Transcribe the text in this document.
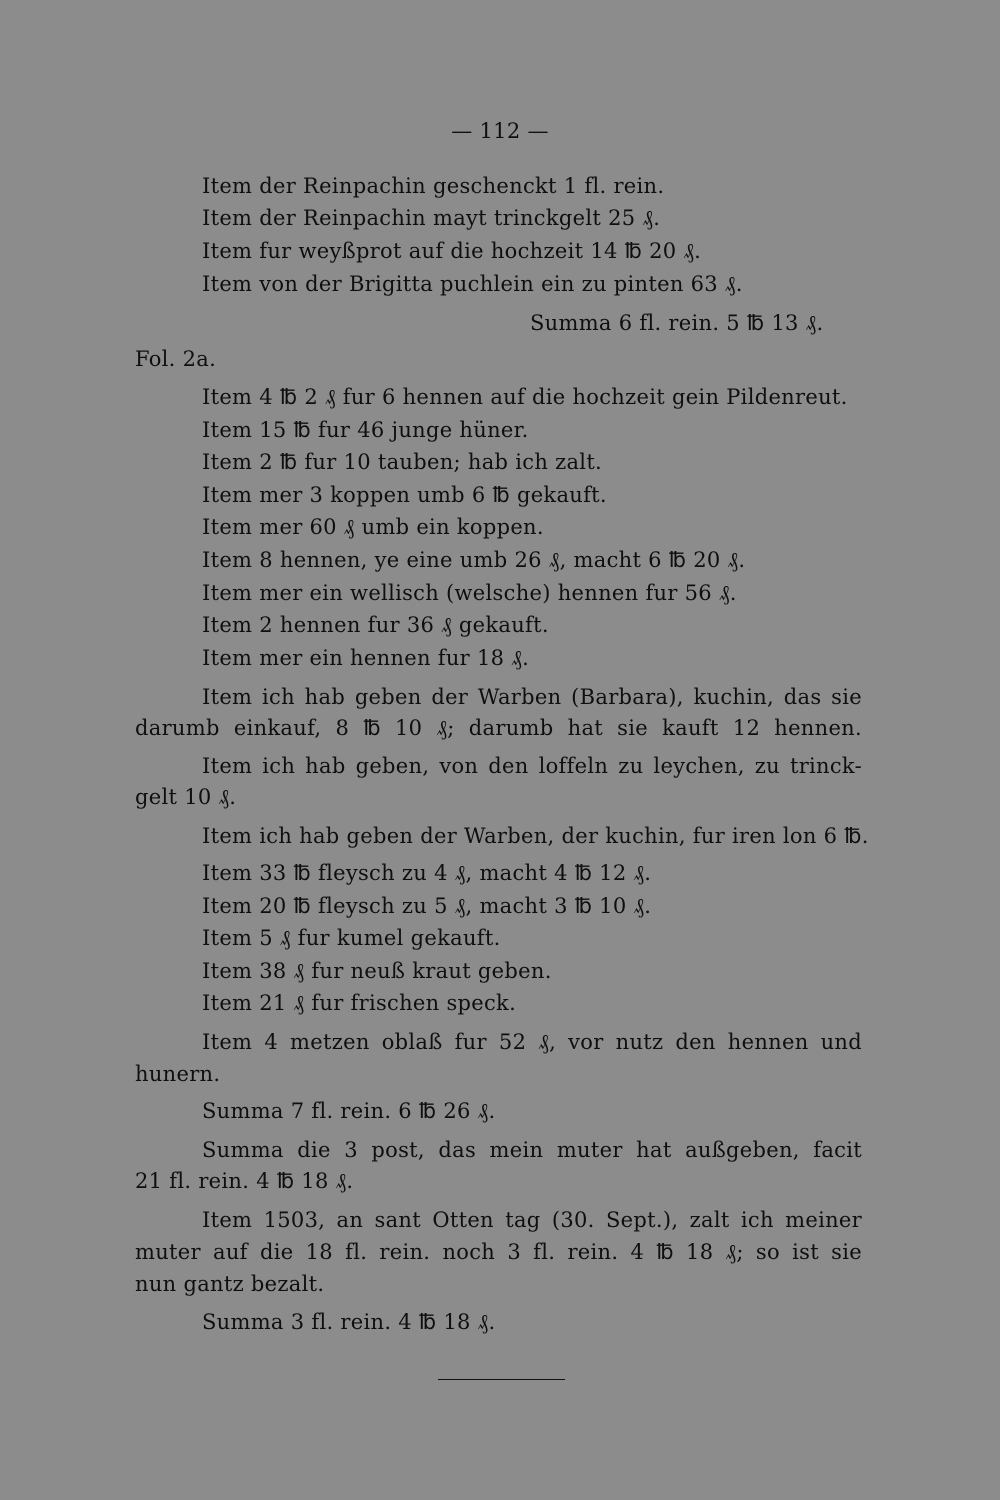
— 112 —
Item der Reinpachin geschenckt 1 fl. rein.
Item der Reinpachin mayt trinckgelt 25 ₰.
Item fur weyßprot auf die hochzeit 14 ℔ 20 ₰.
Item von der Brigitta puchlein ein zu pinten 63 ₰.
Summa 6 fl. rein. 5 ℔ 13 ₰.
Fol. 2a.
Item 4 ℔ 2 ₰ fur 6 hennen auf die hochzeit gein Pildenreut.
Item 15 ℔ fur 46 junge hüner.
Item 2 ℔ fur 10 tauben; hab ich zalt.
Item mer 3 koppen umb 6 ℔ gekauft.
Item mer 60 ₰ umb ein koppen.
Item 8 hennen, ye eine umb 26 ₰, macht 6 ℔ 20 ₰.
Item mer ein wellisch (welsche) hennen fur 56 ₰.
Item 2 hennen fur 36 ₰ gekauft.
Item mer ein hennen fur 18 ₰.
Item ich hab geben der Warben (Barbara), kuchin, das sie
darumb einkauf, 8 ℔ 10 ₰; darumb hat sie kauft 12 hennen.
Item ich hab geben, von den loffeln zu leychen, zu trinck-
gelt 10 ₰.
Item ich hab geben der Warben, der kuchin, fur iren lon 6 ℔.
Item 33 ℔ fleysch zu 4 ₰, macht 4 ℔ 12 ₰.
Item 20 ℔ fleysch zu 5 ₰, macht 3 ℔ 10 ₰.
Item 5 ₰ fur kumel gekauft.
Item 38 ₰ fur neuß kraut geben.
Item 21 ₰ fur frischen speck.
Item 4 metzen oblaß fur 52 ₰, vor nutz den hennen und
hunern.
Summa 7 fl. rein. 6 ℔ 26 ₰.
Summa die 3 post, das mein muter hat außgeben, facit
21 fl. rein. 4 ℔ 18 ₰.
Item 1503, an sant Otten tag (30. Sept.), zalt ich meiner
muter auf die 18 fl. rein. noch 3 fl. rein. 4 ℔ 18 ₰; so ist sie
nun gantz bezalt.
Summa 3 fl. rein. 4 ℔ 18 ₰.
